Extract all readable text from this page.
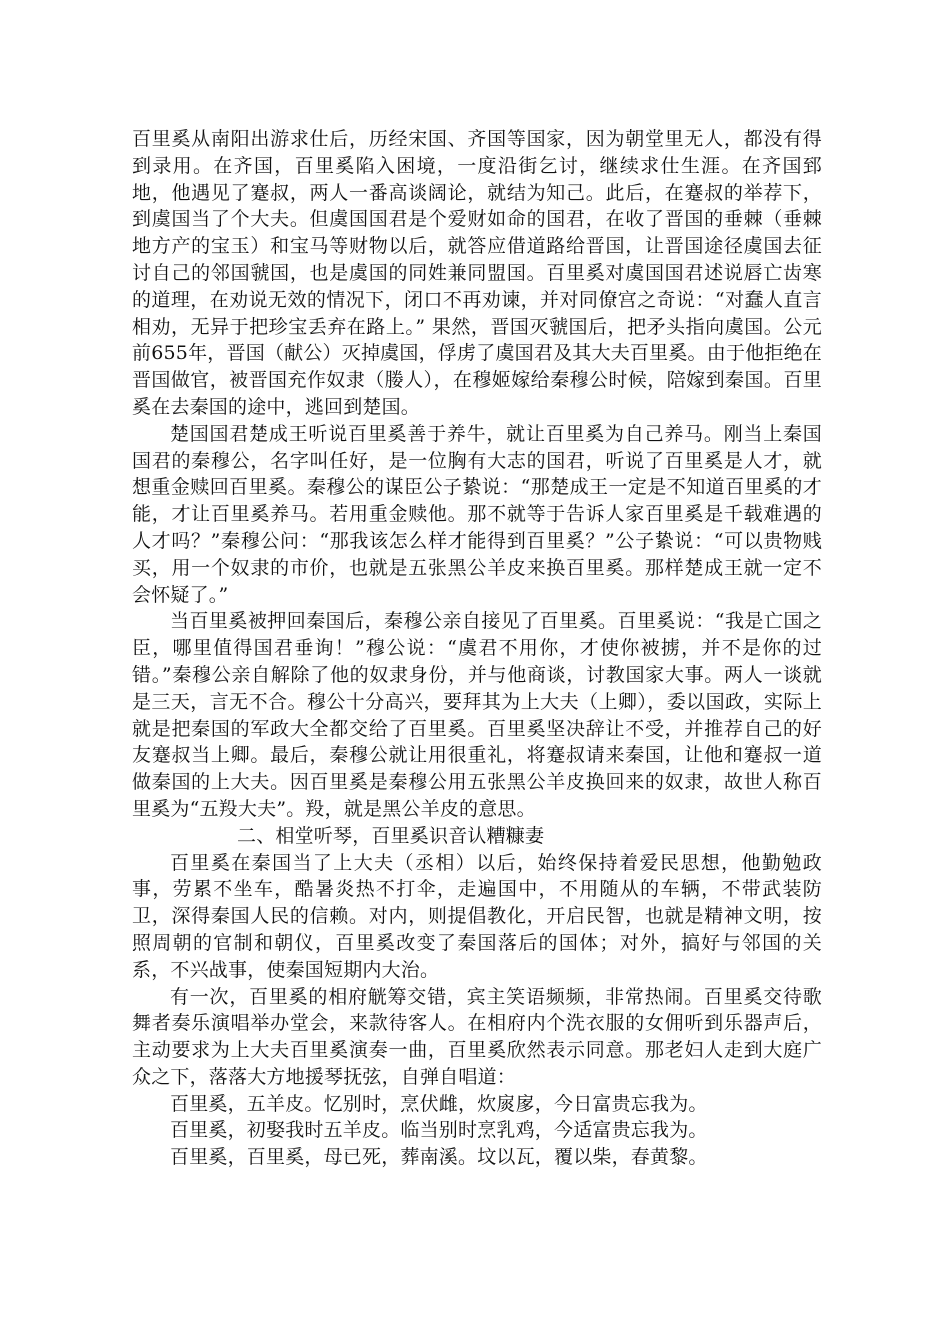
百里奚从南阳出游求仕后，历经宋国、齐国等国家，因为朝堂里无人，都没有得到录用。在齐国，百里奚陷入困境，一度沿街乞讨，继续求仕生涯。在齐国郅地，他遇见了蹇叔，两人一番高谈阔论，就结为知己。此后，在蹇叔的举荐下，到虞国当了个大夫。但虞国国君是个爱财如命的国君，在收了晋国的垂棘（垂棘地方产的宝玉）和宝马等财物以后，就答应借道路给晋国，让晋国途径虞国去征讨自己的邻国虢国，也是虞国的同姓兼同盟国。百里奚对虞国国君述说唇亡齿寒的道理，在劝说无效的情况下，闭口不再劝谏，并对同僚宫之奇说：“对蠢人直言相劝，无异于把珍宝丢弃在路上。” 果然，晋国灭虢国后，把矛头指向虞国。公元前655年，晋国（献公）灭掉虞国，俘虏了虞国君及其大夫百里奚。由于他拒绝在晋国做官，被晋国充作奴隶（媵人），在穆姬嫁给秦穆公时候，陪嫁到秦国。百里奚在去秦国的途中，逃回到楚国。

楚国国君楚成王听说百里奚善于养牛，就让百里奚为自己养马。刚当上秦国国君的秦穆公，名字叫任好，是一位胸有大志的国君，听说了百里奚是人才，就想重金赎回百里奚。秦穆公的谋臣公子絷说：“那楚成王一定是不知道百里奚的才能，才让百里奚养马。若用重金赎他。那不就等于告诉人家百里奚是千载难遇的人才吗？”秦穆公问：“那我该怎么样才能得到百里奚？”公子絷说：“可以贵物贱买，用一个奴隶的市价，也就是五张黑公羊皮来换百里奚。那样楚成王就一定不会怀疑了。”

当百里奚被押回秦国后，秦穆公亲自接见了百里奚。百里奚说：“我是亡国之臣，哪里值得国君垂询！”穆公说：“虞君不用你，才使你被掳，并不是你的过错。”秦穆公亲自解除了他的奴隶身份，并与他商谈，讨教国家大事。两人一谈就是三天，言无不合。穆公十分高兴，要拜其为上大夫（上卿），委以国政，实际上就是把秦国的军政大全都交给了百里奚。百里奚坚决辞让不受，并推荐自己的好友蹇叔当上卿。最后，秦穆公就让用很重礼，将蹇叔请来秦国，让他和蹇叔一道做秦国的上大夫。因百里奚是秦穆公用五张黑公羊皮换回来的奴隶，故世人称百里奚为“五羖大夫”。羖，就是黑公羊皮的意思。

二、相堂听琴，百里奚识音认糟糠妻

百里奚在秦国当了上大夫（丞相）以后，始终保持着爱民思想，他勤勉政事，劳累不坐车，酷暑炎热不打伞，走遍国中，不用随从的车辆，不带武装防卫，深得秦国人民的信赖。对内，则提倡教化，开启民智，也就是精神文明，按照周朝的官制和朝仪，百里奚改变了秦国落后的国体；对外，搞好与邻国的关系，不兴战事，使秦国短期内大治。

有一次，百里奚的相府觥筹交错，宾主笑语频频，非常热闹。百里奚交待歌舞者奏乐演唱举办堂会，来款待客人。在相府内个洗衣服的女佣听到乐器声后，主动要求为上大夫百里奚演奏一曲，百里奚欣然表示同意。那老妇人走到大庭广众之下，落落大方地援琴抚弦，自弹自唱道：

百里奚，五羊皮。忆别时，烹伏雌，炊扊扅，今日富贵忘我为。

百里奚，初娶我时五羊皮。临当别时烹乳鸡，今适富贵忘我为。

百里奚，百里奚，母已死，葬南溪。坟以瓦，覆以柴，春黄黎。
